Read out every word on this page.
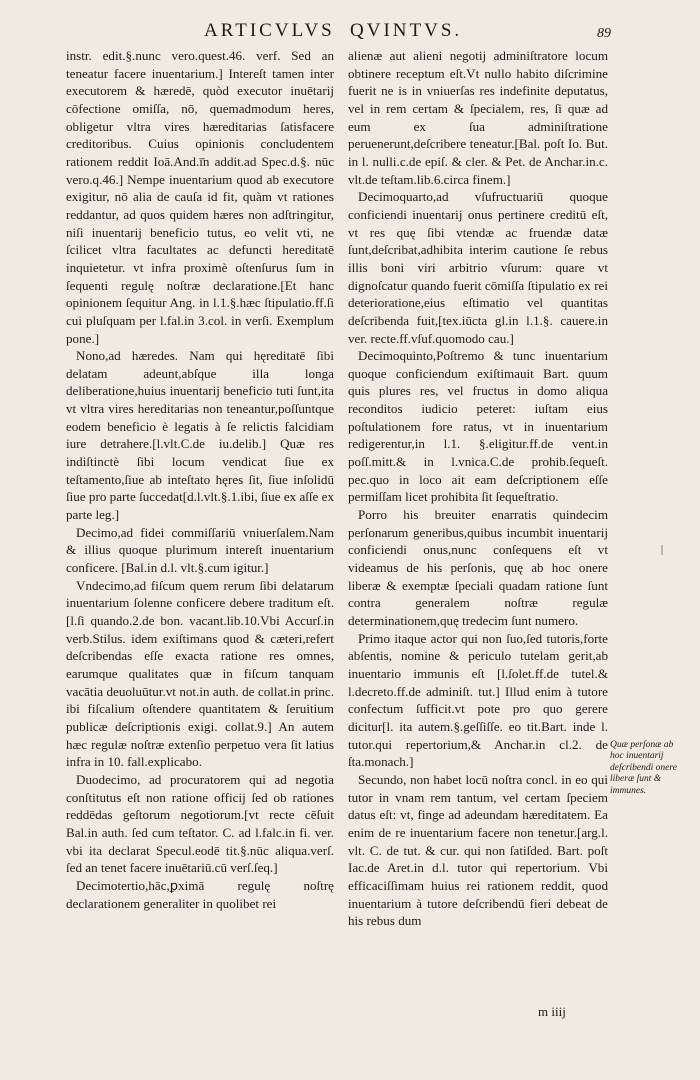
ARTICVLVS QVINTVS.	89

instr. edit.§.nunc vero.quest.46. verf. Sed an teneatur facere inuentarium.] Intereſt tamen inter executorem & hæredē, quòd executor inuētarij cōfectione omiſſa, nō, quemadmodum heres, obligetur vltra vires hæreditarias ſatisfacere creditoribus. Cuius opinionis concludentem rationem reddit Ioā.And.ī̄n addit.ad Spec.d.§. nūc vero.q.46.] Nempe inuentarium quod ab executore exigitur, nō alia de cauſa id fit, quàm vt rationes reddantur, ad quos quidem hæres non adſtringitur, niſi inuentarij beneficio tutus, eo velit vti, ne ſcilicet vltra facultates ac defuncti hereditatē inquietetur. vt infra proximè oſtenſurus ſum in ſequenti regulę noſtræ declaratione.[Et hanc opinionem ſequitur Ang. in l.1.§.hæc ſtipulatio.ff.ſi cui pluſquam per l.fal.in 3.col. in verſi. Exemplum pone.]

Nono,ad hæredes. Nam qui hęreditatē ſibi delatam adeunt,abſque illa longa deliberatione,huius inuentarij beneficio tuti ſunt,ita vt vltra vires hereditarias non teneantur,poſſuntque eodem beneficio è legatis à ſe relictis falcidiam iure detrahere.[l.vlt.C.de iu.delib.] Quæ res indiſtinctè ſibi locum vendicat ſiue ex teſtamento,ſiue ab inteſtato hęres ſit, ſiue inſolidū ſiue pro parte ſuccedat[d.l.vlt.§.1.ibi, ſiue ex aſſe ex parte leg.]

Decimo,ad fidei commiſſariū vniuerſalem.Nam & illius quoque plurimum intereſt inuentarium conficere. [Bal.in d.l. vlt.§.cum igitur.]

Vndecimo,ad fiſcum quem rerum ſibi delatarum inuentarium ſolenne conficere debere traditum eſt.[l.ſi quando.2.de bon. vacant.lib.10.Vbi Accurſ.in verb.Stilus. idem exiſtimans quod & cæteri,refert deſcribendas eſſe exacta ratione res omnes, earumque qualitates quæ in fiſcum tanquam vacātia deuoluūtur.vt not.in auth. de collat.in princ. ibi fiſcalium oſtendere quantitatem & ſeruitium publicæ deſcriptionis exigi. collat.9.] An autem hæc regulæ noſtræ extenſio perpetuo vera ſit latius infra in 10. fall.explicabo.

Duodecimo, ad procuratorem qui ad negotia conſtitutus eſt non ratione officij ſed ob rationes reddēdas geſtorum negotiorum.[vt recte cēſuit Bal.in auth. ſed cum teſtator. C. ad l.falc.in fi. ver. vbi ita declarat Specul.eodē tit.§.nūc aliqua.verſ. ſed an tenet facere inuētariū.cū verſ.ſeq.]

Decimotertio,hāc,ꝑximā regulę noſtrę declarationem generaliter in quolibet rei

alienæ aut alieni negotij adminiſtratore locum obtinere receptum eſt.Vt nullo habito diſcrimine fuerit ne is in vniuerſas res indefinite deputatus, vel in rem certam & ſpecialem, res, ſi quæ ad eum ex ſua adminiſtratione peruenerunt,deſcribere teneatur.[Bal. poſt Io. But. in l. nulli.c.de epiſ. & cler. & Pet. de Anchar.in.c. vlt.de teſtam.lib.6.circa finem.]

Decimoquarto,ad vſufructuariū quoque conficiendi inuentarij onus pertinere creditū eſt, vt res quę ſibi vtendæ ac fruendæ datæ ſunt,deſcribat,adhibita interim cautione ſe rebus illis boni viri arbitrio vſurum: quare vt dignoſcatur quando fuerit cōmiſſa ſtipulatio ex rei deterioratione,eius eſtimatio vel quantitas deſcribenda fuit,[tex.iūcta gl.in l.1.§. cauere.in ver. recte.ff.vſuf.quomodo cau.]

Decimoquinto,Poſtremo & tunc inuentarium quoque conficiendum exiſtimauit Bart. quum quis plures res, vel fructus in domo aliqua reconditos iudicio peteret: iuſtam eius poſtulationem fore ratus, vt in inuentarium redigerentur,in l.1. §.eligitur.ff.de vent.in poſſ.mitt.& in l.vnica.C.de prohib.ſequeſt. pec.quo in loco ait eam deſcriptionem eſſe permiſſam licet prohibita ſit ſequeſtratio.

Porro his breuiter enarratis quindecim perſonarum generibus,quibus incumbit inuentarij conficiendi onus,nunc conſequens eſt vt videamus de his perſonis, quę ab hoc onere liberæ & exemptæ ſpeciali quadam ratione ſunt contra generalem noſtræ regulæ determinationem,quę tredecim ſunt numero.

Primo itaque actor qui non ſuo,ſed tutoris,forte abſentis, nomine & periculo tutelam gerit,ab inuentario immunis eſt [l.ſolet.ff.de tutel.& l.decreto.ff.de adminiſt. tut.] Illud enim à tutore confectum ſufficit.vt pote pro quo gerere dicitur[l. ita autem.§.geſſiſſe. eo tit.Bart. inde l. tutor.qui repertorium,& Anchar.in cl.2. de ſta.monach.]

Secundo, non habet locū noſtra concl. in eo qui tutor in vnam rem tantum, vel certam ſpeciem datus eſt: vt, finge ad adeundam hæreditatem. Ea enim de re inuentarium facere non tenetur.[arg.l. vlt. C. de tut. & cur. qui non ſatiſded. Bart. poſt Iac.de Aret.in d.l. tutor qui repertorium. Vbi efficaciſſimam huius rei rationem reddit, quod inuentarium à tutore deſcribendū fieri debeat de his rebus dum

Quæ perſonæ ab hoc inuentarij deſcribendi onere liberæ ſunt & immunes.
m iiij
